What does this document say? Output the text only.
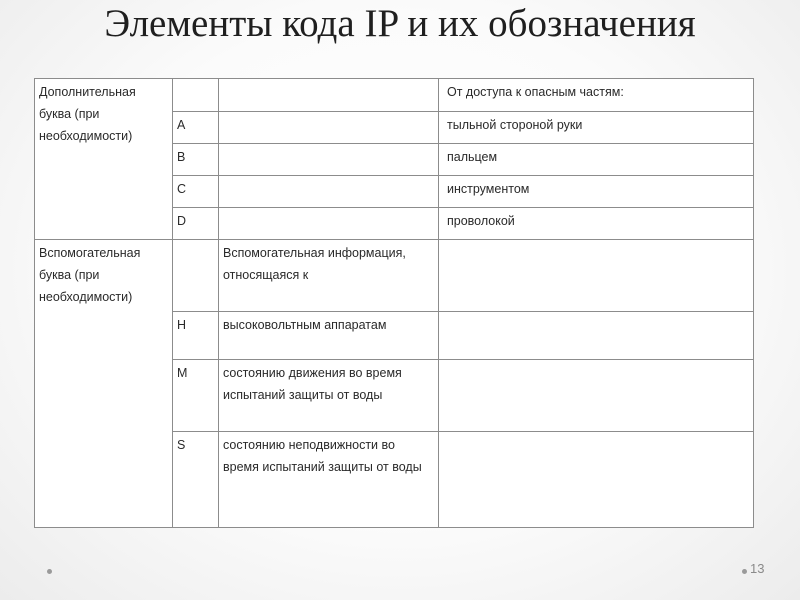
Элементы кода IP и их обозначения
Дополнительная буква (при необходимости)			От доступа к опасным частям:
	A		тыльной стороной руки
	B		пальцем
	C		инструментом
	D		проволокой
Вспомогательная буква (при необходимости)		Вспомогательная информация, относящаяся к	
	H	высоковольтным аппаратам	
	M	состоянию движения во время испытаний защиты от воды	
	S	состоянию неподвижности во время испытаний защиты от воды	
13
